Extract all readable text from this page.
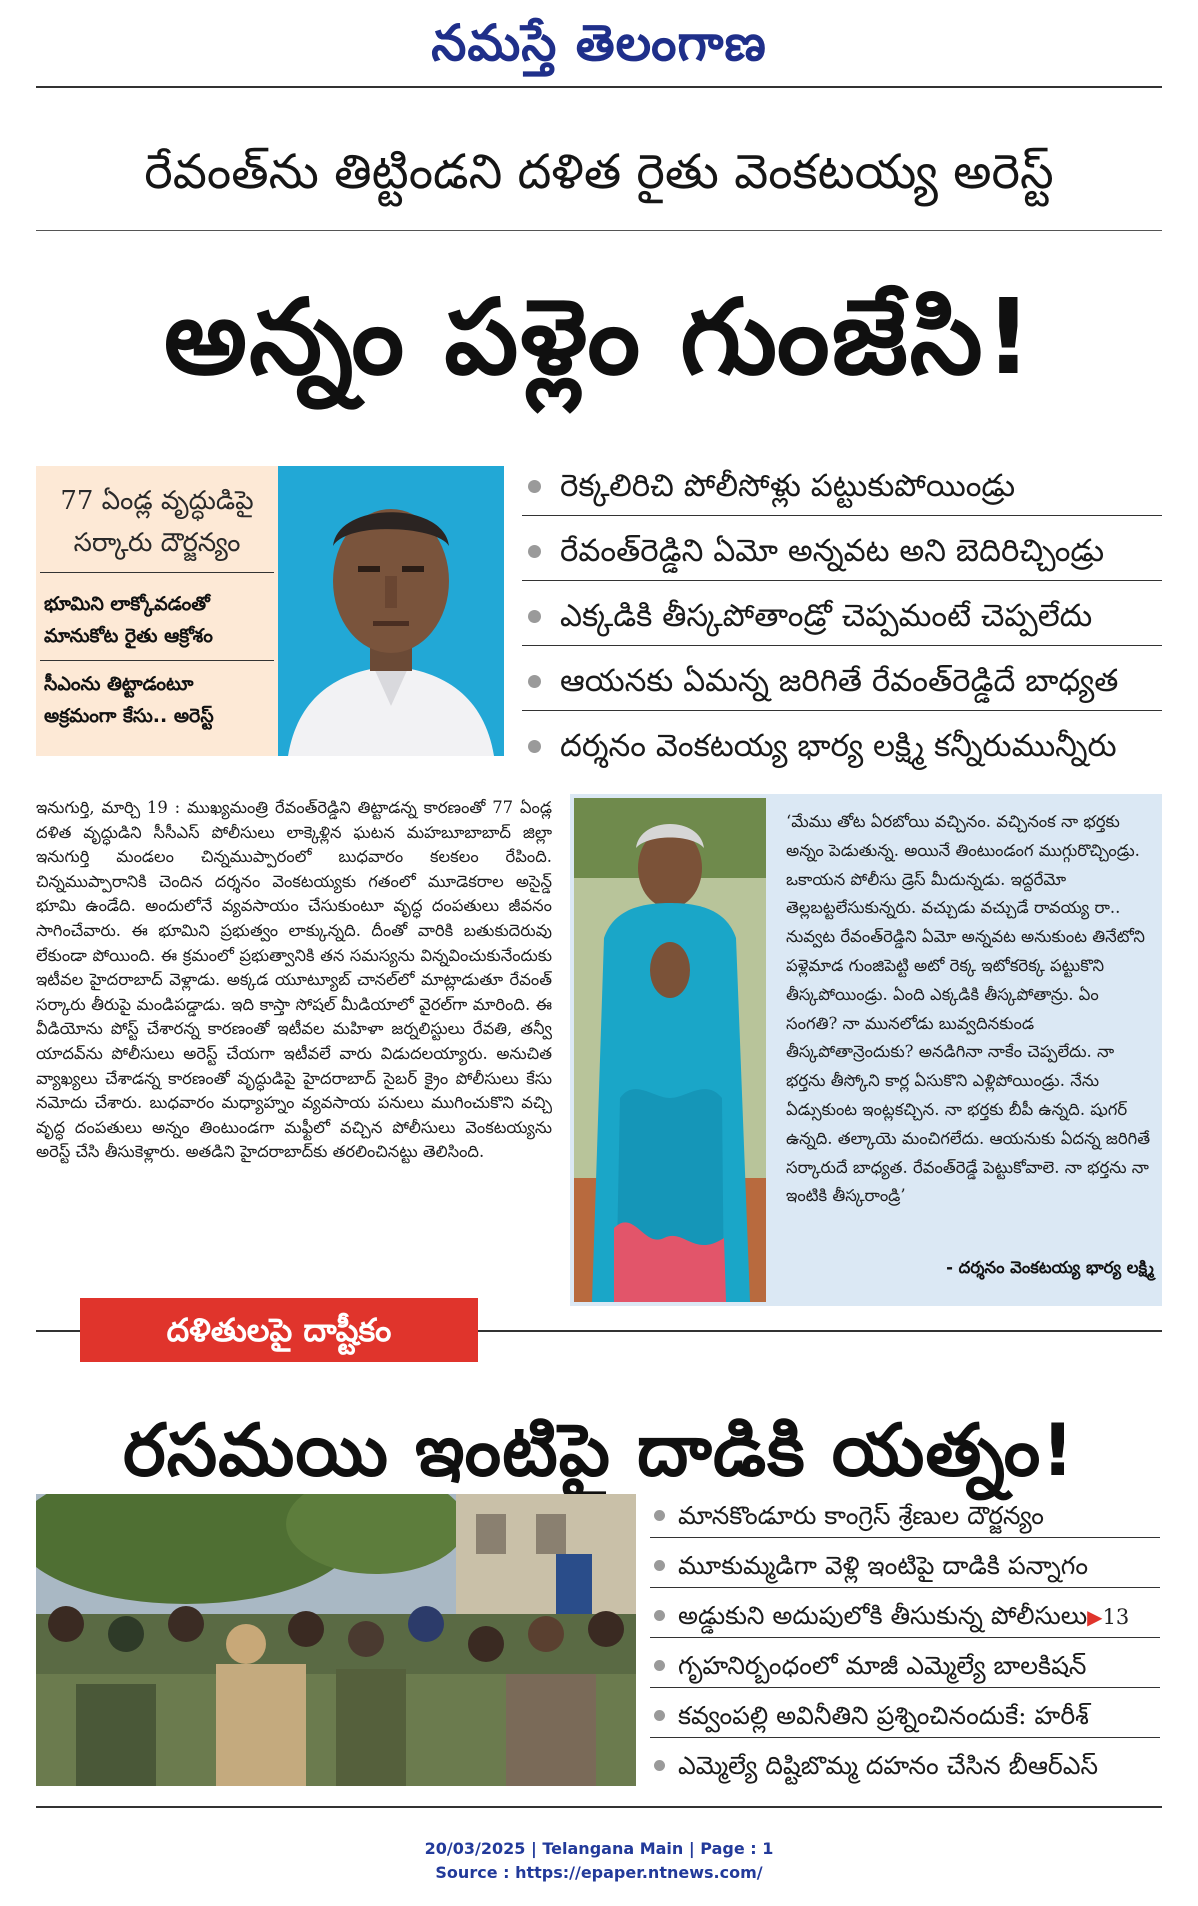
నమస్తే తెలంగాణ
రేవంత్‌ను తిట్టిండని దళిత రైతు వెంకటయ్య అరెస్ట్
అన్నం పళ్లెం గుంజేసి!
77 ఏండ్ల వృద్ధుడిపై
సర్కారు దౌర్జన్యం
భూమిని లాక్కోవడంతో
మానుకోట రైతు ఆక్రోశం
సీఎంను తిట్టాడంటూ
అక్రమంగా కేసు.. అరెస్ట్
రెక్కలిరిచి పోలీసోళ్లు పట్టుకుపోయిండ్రు
రేవంత్‌రెడ్డిని ఏమో అన్నవట అని బెదిరిచ్చిండ్రు
ఎక్కడికి తీస్కపోతాండ్రో చెప్పమంటే చెప్పలేదు
ఆయనకు ఏమన్న జరిగితే రేవంత్‌రెడ్డిదే బాధ్యత
దర్శనం వెంకటయ్య భార్య లక్ష్మి కన్నీరుమున్నీరు
ఇనుగుర్తి, మార్చి 19 : ముఖ్యమంత్రి రేవంత్‌రెడ్డిని తిట్టాడన్న కారణంతో 77 ఏండ్ల దళిత వృద్ధుడిని సీసీఎస్‌ పోలీసులు లాక్కెళ్లిన ఘటన మహబూబాబాద్‌ జిల్లా ఇనుగుర్తి మండలం చిన్నముప్పారంలో బుధవారం కలకలం రేపింది. చిన్నముప్పారానికి చెందిన దర్శనం వెంకటయ్యకు గతంలో మూడెకరాల అసైన్డ్‌ భూమి ఉండేది. అందులోనే వ్యవసాయం చేసుకుంటూ వృద్ధ దంపతులు జీవనం సాగించేవారు. ఈ భూమిని ప్రభుత్వం లాక్కున్నది. దీంతో వారికి బతుకుదెరువు లేకుండా పోయింది. ఈ క్రమంలో ప్రభుత్వానికి తన సమస్యను విన్నవించుకునేందుకు ఇటీవల హైదరాబాద్‌ వెళ్లాడు. అక్కడ యూట్యూబ్‌ చానల్‌లో మాట్లాడుతూ రేవంత్‌ సర్కారు తీరుపై మండిపడ్డాడు. ఇది కాస్తా సోషల్‌ మీడియాలో వైరల్‌గా మారింది. ఈ వీడియోను పోస్ట్‌ చేశారన్న కారణంతో ఇటీవల మహిళా జర్నలిస్టులు రేవతి, తన్వీ యాదవ్‌ను పోలీసులు అరెస్ట్‌ చేయగా ఇటీవలే వారు విడుదలయ్యారు. అనుచిత వ్యాఖ్యలు చేశాడన్న కారణంతో వృద్ధుడిపై హైదరాబాద్‌ సైబర్‌ క్రైం పోలీసులు కేసు నమోదు చేశారు. బుధవారం మధ్యాహ్నం వ్యవసాయ పనులు ముగించుకొని వచ్చి వృద్ధ దంపతులు అన్నం తింటుండగా మఫ్టీలో వచ్చిన పోలీసులు వెంకటయ్యను అరెస్ట్‌ చేసి తీసుకెళ్లారు. అతడిని హైదరాబాద్‌కు తరలించినట్టు తెలిసింది.
‘మేము తోట ఏరబోయి వచ్చినం. వచ్చినంక నా భర్తకు అన్నం పెడుతున్న. అయినే తింటుండంగ ముగ్గురొచ్చిండ్రు. ఒకాయన పోలీసు డ్రెస్‌ మీదున్నడు. ఇద్దరేమో తెల్లబట్టలేసుకున్నరు. వచ్చుడు వచ్చుడే రావయ్య రా.. నువ్వట రేవంత్‌రెడ్డిని ఏమో అన్నవట అనుకుంట తినేటోని పళ్లెమాడ గుంజిపెట్టి అటో రెక్క ఇటోకరెక్క పట్టుకొని తీస్కపోయిండ్రు. ఏంది ఎక్కడికి తీస్కపోతాన్రు. ఏం సంగతి? నా మునలోడు బువ్వదినకుండ తీస్కపోతాన్రెందుకు? అనడిగినా నాకేం చెప్పలేదు. నా భర్తను తీస్కోని కార్ల ఏసుకొని ఎళ్లిపోయిండ్రు. నేను ఏడ్సుకుంట ఇంట్లకచ్చిన. నా భర్తకు బీపీ ఉన్నది. షుగర్‌ ఉన్నది. తల్కాయె మంచిగలేదు. ఆయనుకు ఏదన్న జరిగితే సర్కారుదే బాధ్యత. రేవంత్‌రెడ్డే పెట్టుకోవాలె. నా భర్తను నా ఇంటికి తీస్కరాండ్రి’
- దర్శనం వెంకటయ్య భార్య లక్ష్మి
దళితులపై దాష్టీకం
రసమయి ఇంటిపై దాడికి యత్నం!
మానకొండూరు కాంగ్రెస్‌ శ్రేణుల దౌర్జన్యం
మూకుమ్మడిగా వెళ్లి ఇంటిపై దాడికి పన్నాగం
అడ్డుకుని అదుపులోకి తీసుకున్న పోలీసులు▶13
గృహనిర్బంధంలో మాజీ ఎమ్మెల్యే బాలకిషన్‌
కవ్వంపల్లి అవినీతిని ప్రశ్నించినందుకే: హరీశ్‌
ఎమ్మెల్యే దిష్టిబొమ్మ దహనం చేసిన బీఆర్‌ఎస్‌
20/03/2025 | Telangana Main | Page : 1
Source : https://epaper.ntnews.com/
